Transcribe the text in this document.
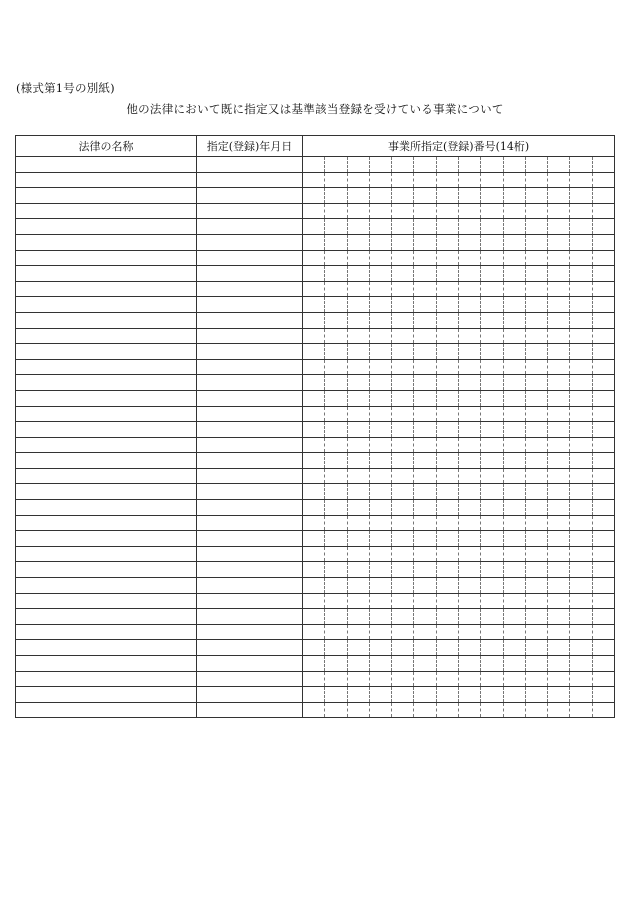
(様式第1号の別紙)
他の法律において既に指定又は基準該当登録を受けている事業について
法律の名称	指定(登録)年月日	事業所指定(登録)番号(14桁)													
